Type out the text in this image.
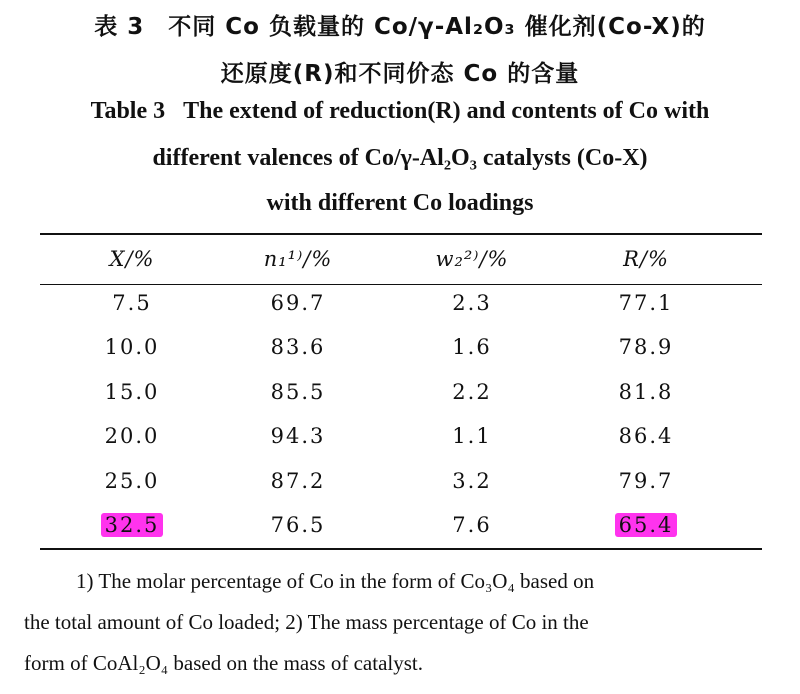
表 3　不同 Co 负载量的 Co/γ-Al₂O₃ 催化剂(Co-X)的
还原度(R)和不同价态 Co 的含量
Table 3 The extend of reduction(R) and contents of Co with
different valences of Co/γ-Al₂O₃ catalysts (Co-X)
with different Co loadings
X/%	n₁¹⁾/%	w₂²⁾/%	R/%
7.5	69.7	2.3	77.1
10.0	83.6	1.6	78.9
15.0	85.5	2.2	81.8
20.0	94.3	1.1	86.4
25.0	87.2	3.2	79.7
32.5	76.5	7.6	65.4
1) The molar percentage of Co in the form of Co₃O₄ based on
the total amount of Co loaded; 2) The mass percentage of Co in the
form of CoAl₂O₄ based on the mass of catalyst.
